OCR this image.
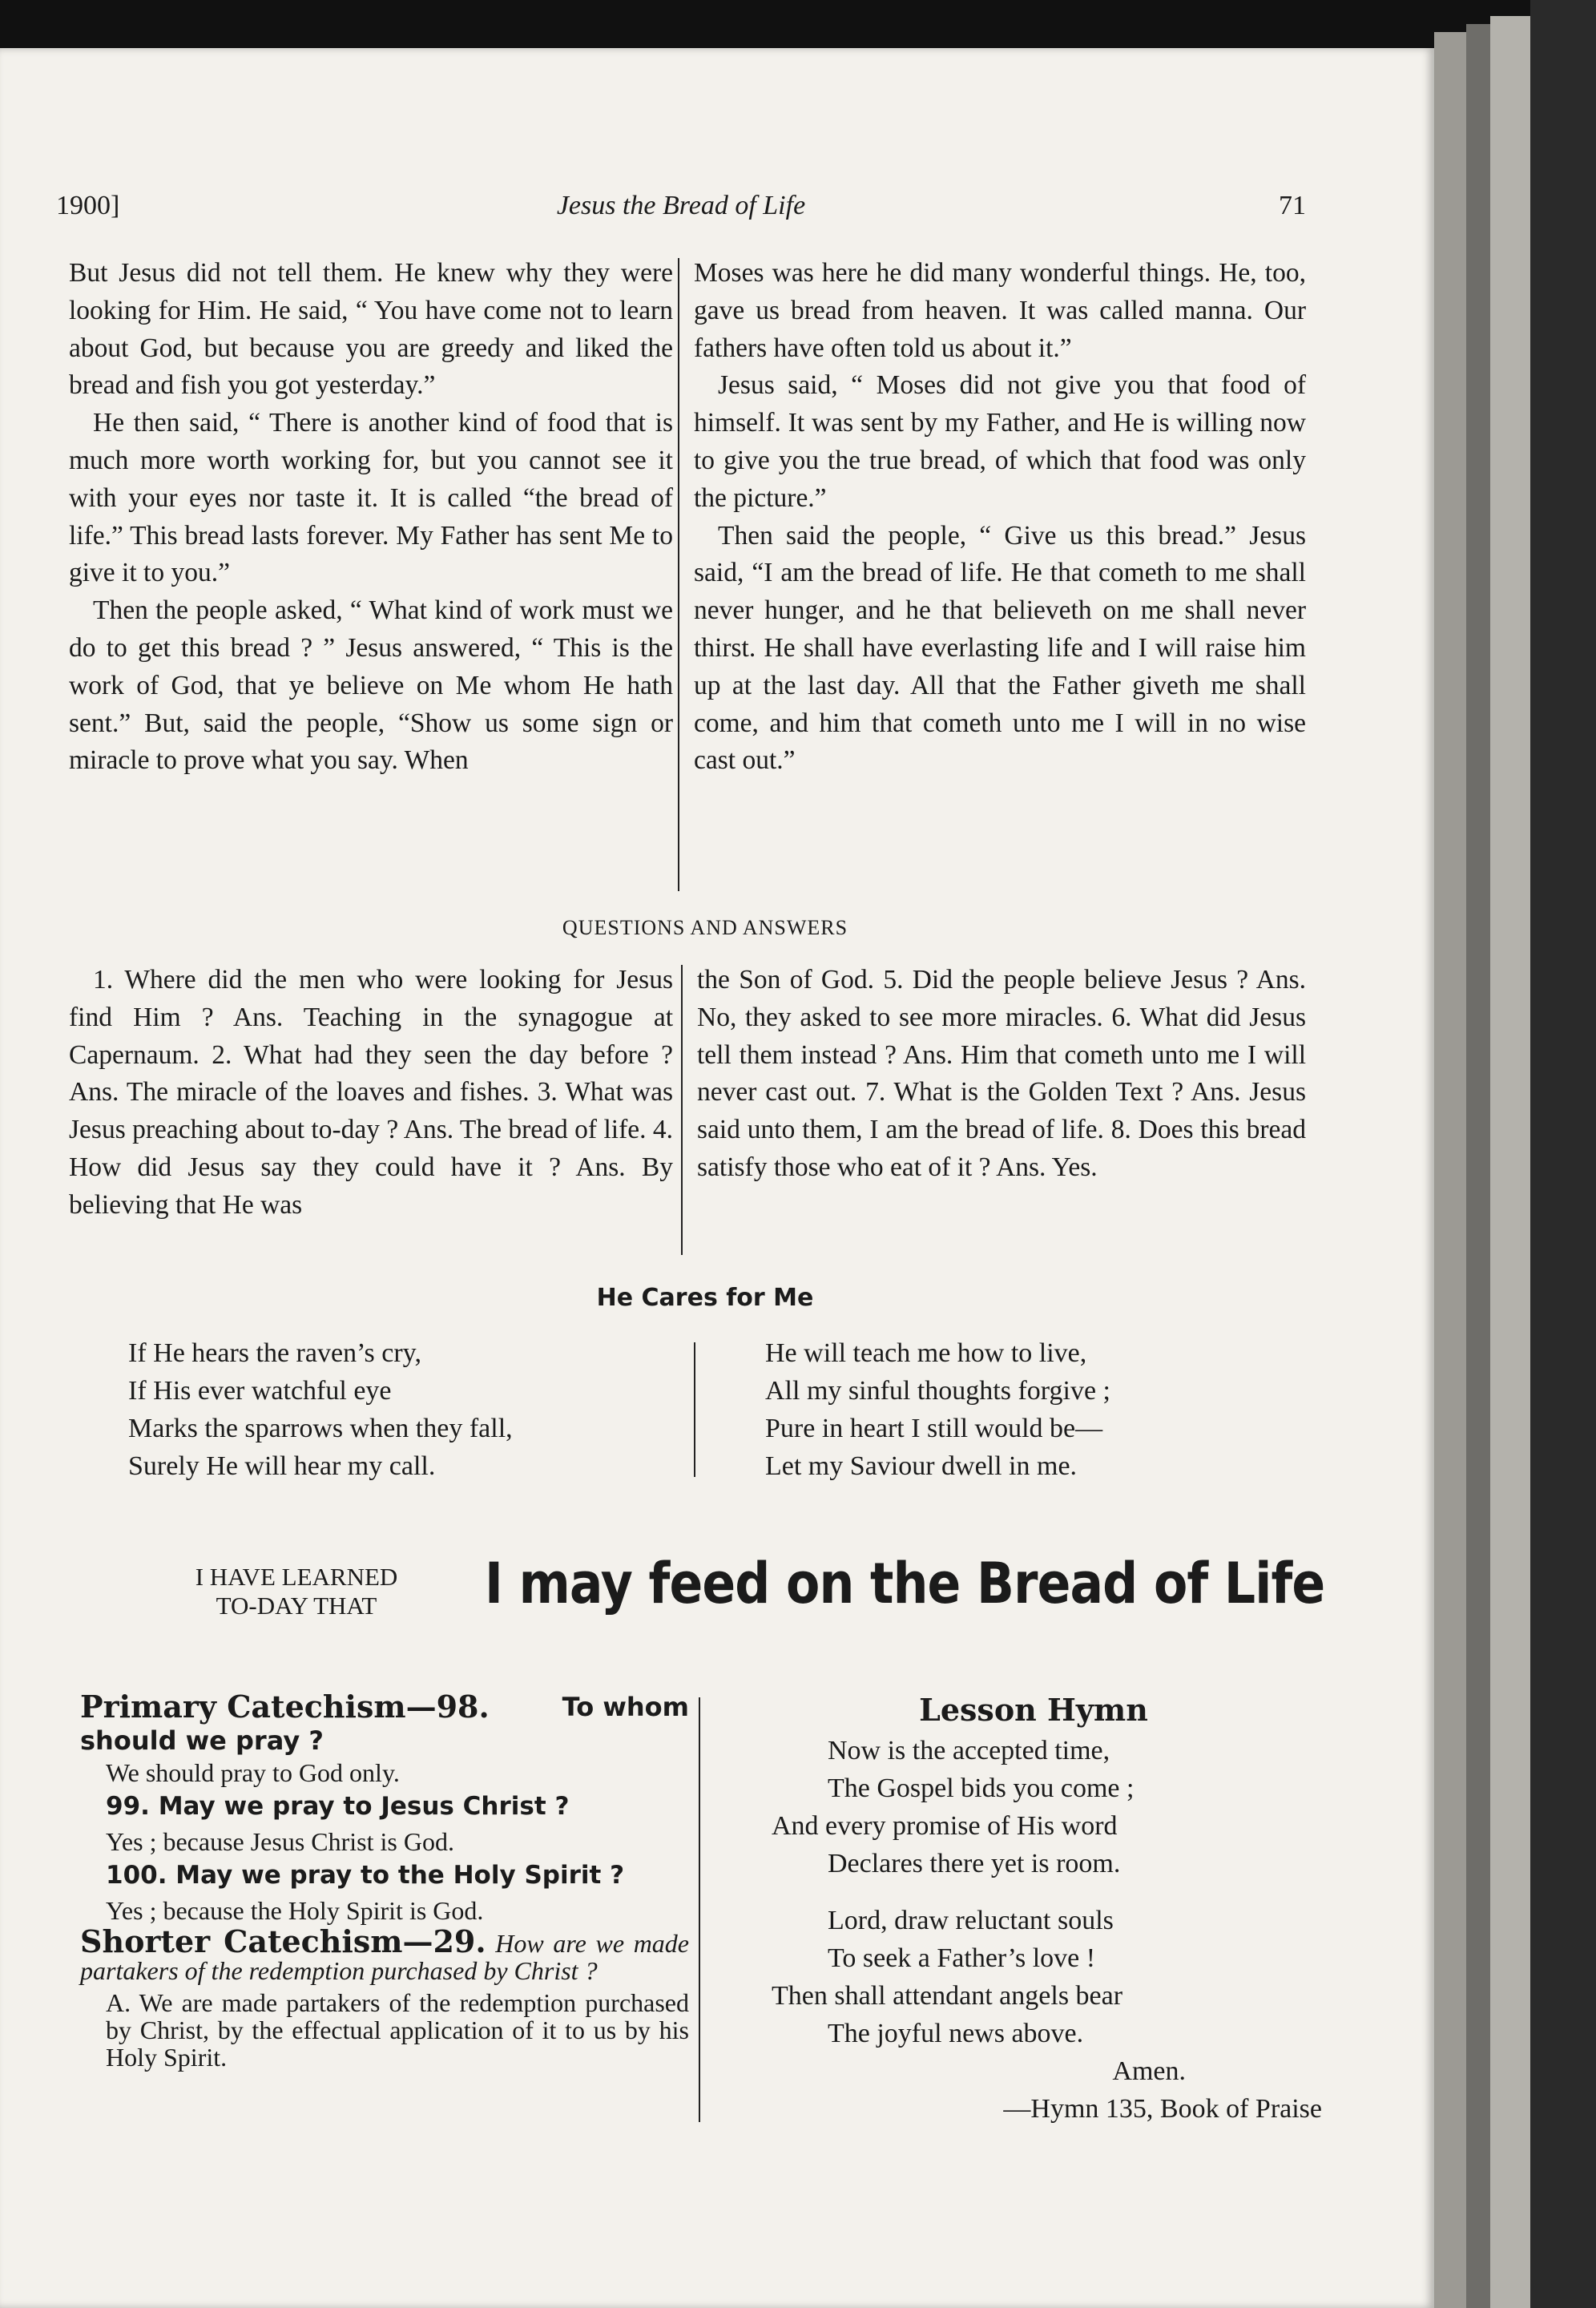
1900]	Jesus the Bread of Life	71

But Jesus did not tell them. He knew why they were looking for Him. He said, “ You have come not to learn about God, but because you are greedy and liked the bread and fish you got yesterday.”

He then said, “ There is another kind of food that is much more worth working for, but you cannot see it with your eyes nor taste it. It is called “the bread of life.” This bread lasts forever. My Father has sent Me to give it to you.”

Then the people asked, “ What kind of work must we do to get this bread ? ” Jesus answered, “ This is the work of God, that ye believe on Me whom He hath sent.” But, said the people, “Show us some sign or miracle to prove what you say. When

Moses was here he did many wonderful things. He, too, gave us bread from heaven. It was called manna. Our fathers have often told us about it.”

Jesus said, “ Moses did not give you that food of himself. It was sent by my Father, and He is willing now to give you the true bread, of which that food was only the picture.”

Then said the people, “ Give us this bread.” Jesus said, “I am the bread of life. He that cometh to me shall never hunger, and he that believeth on me shall never thirst. He shall have everlasting life and I will raise him up at the last day. All that the Father giveth me shall come, and him that cometh unto me I will in no wise cast out.”

QUESTIONS AND ANSWERS

1. Where did the men who were looking for Jesus find Him ? Ans. Teaching in the synagogue at Capernaum. 2. What had they seen the day before ? Ans. The miracle of the loaves and fishes. 3. What was Jesus preaching about to-day ? Ans. The bread of life. 4. How did Jesus say they could have it ? Ans. By believing that He was

the Son of God. 5. Did the people believe Jesus ? Ans. No, they asked to see more miracles. 6. What did Jesus tell them instead ? Ans. Him that cometh unto me I will never cast out. 7. What is the Golden Text ? Ans. Jesus said unto them, I am the bread of life. 8. Does this bread satisfy those who eat of it ? Ans. Yes.

He Cares for Me
If He hears the raven’s cry,
If His ever watchful eye
Marks the sparrows when they fall,
Surely He will hear my call.
He will teach me how to live,
All my sinful thoughts forgive ;
Pure in heart I still would be—
Let my Saviour dwell in me.
I HAVE LEARNED
TO-DAY THAT	I may feed on the Bread of Life

Primary Catechism—98.	To whom

should we pray ?

We should pray to God only.

99. May we pray to Jesus Christ ?

Yes ; because Jesus Christ is God.

100. May we pray to the Holy Spirit ?

Yes ; because the Holy Spirit is God.

Shorter Catechism—29. How are we made partakers of the redemption purchased by Christ ?

A. We are made partakers of the redemption purchased by Christ, by the effectual application of it to us by his Holy Spirit.

Lesson Hymn
Now is the accepted time,
The Gospel bids you come ;
And every promise of His word
Declares there yet is room.
Lord, draw reluctant souls
To seek a Father’s love !
Then shall attendant angels bear
The joyful news above.
Amen.
—Hymn 135, Book of Praise
